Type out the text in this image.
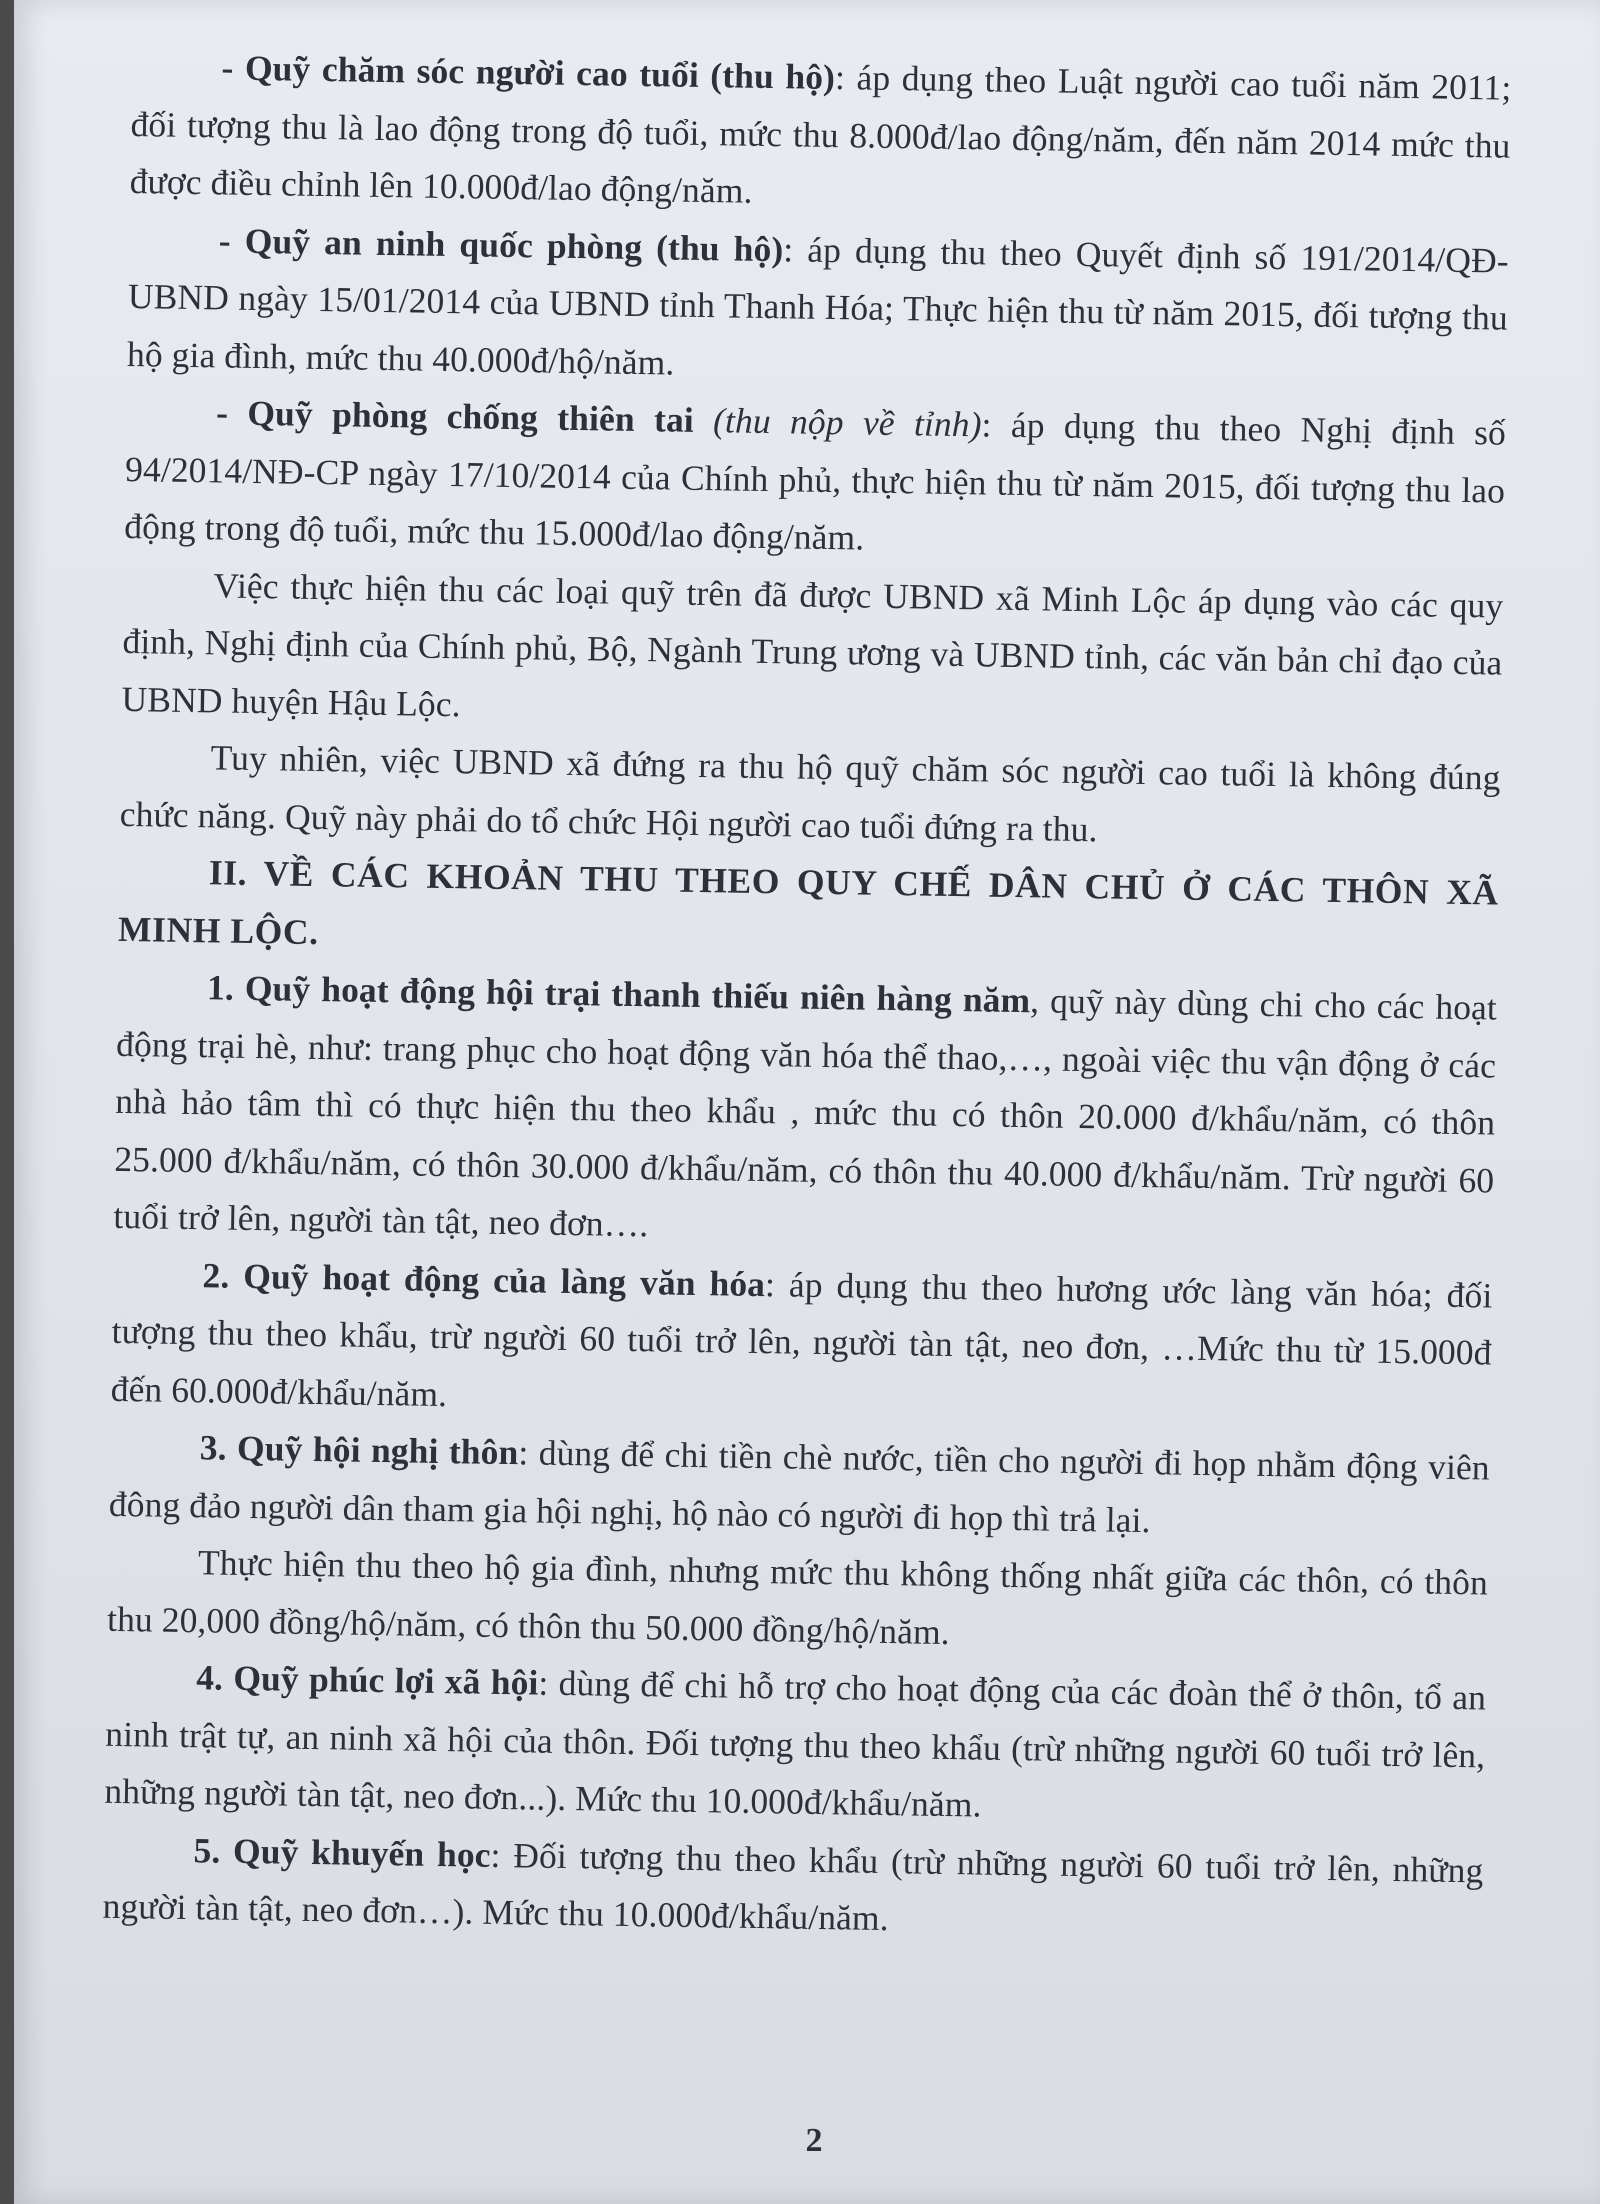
- Quỹ chăm sóc người cao tuổi (thu hộ): áp dụng theo Luật người cao tuổi năm 2011; đối tượng thu là lao động trong độ tuổi, mức thu 8.000đ/lao động/năm, đến năm 2014 mức thu được điều chỉnh lên 10.000đ/lao động/năm.

- Quỹ an ninh quốc phòng (thu hộ): áp dụng thu theo Quyết định số 191/2014/QĐ-UBND ngày 15/01/2014 của UBND tỉnh Thanh Hóa; Thực hiện thu từ năm 2015, đối tượng thu hộ gia đình, mức thu 40.000đ/hộ/năm.

- Quỹ phòng chống thiên tai (thu nộp về tỉnh): áp dụng thu theo Nghị định số 94/2014/NĐ-CP ngày 17/10/2014 của Chính phủ, thực hiện thu từ năm 2015, đối tượng thu lao động trong độ tuổi, mức thu 15.000đ/lao động/năm.

Việc thực hiện thu các loại quỹ trên đã được UBND xã Minh Lộc áp dụng vào các quy định, Nghị định của Chính phủ, Bộ, Ngành Trung ương và UBND tỉnh, các văn bản chỉ đạo của UBND huyện Hậu Lộc.

Tuy nhiên, việc UBND xã đứng ra thu hộ quỹ chăm sóc người cao tuổi là không đúng chức năng. Quỹ này phải do tổ chức Hội người cao tuổi đứng ra thu.

II. VỀ CÁC KHOẢN THU THEO QUY CHẾ DÂN CHỦ Ở CÁC THÔN XÃ MINH LỘC.

1. Quỹ hoạt động hội trại thanh thiếu niên hàng năm, quỹ này dùng chi cho các hoạt động trại hè, như: trang phục cho hoạt động văn hóa thể thao,…, ngoài việc thu vận động ở các nhà hảo tâm thì có thực hiện thu theo khẩu , mức thu có thôn 20.000 đ/khẩu/năm, có thôn 25.000 đ/khẩu/năm, có thôn 30.000 đ/khẩu/năm, có thôn thu 40.000 đ/khẩu/năm. Trừ người 60 tuổi trở lên, người tàn tật, neo đơn….

2. Quỹ hoạt động của làng văn hóa: áp dụng thu theo hương ước làng văn hóa; đối tượng thu theo khẩu, trừ người 60 tuổi trở lên, người tàn tật, neo đơn, …Mức thu từ 15.000đ đến 60.000đ/khẩu/năm.

3. Quỹ hội nghị thôn: dùng để chi tiền chè nước, tiền cho người đi họp nhằm động viên đông đảo người dân tham gia hội nghị, hộ nào có người đi họp thì trả lại.

Thực hiện thu theo hộ gia đình, nhưng mức thu không thống nhất giữa các thôn, có thôn thu 20,000 đồng/hộ/năm, có thôn thu 50.000 đồng/hộ/năm.

4. Quỹ phúc lợi xã hội: dùng để chi hỗ trợ cho hoạt động của các đoàn thể ở thôn, tổ an ninh trật tự, an ninh xã hội của thôn. Đối tượng thu theo khẩu (trừ những người 60 tuổi trở lên, những người tàn tật, neo đơn...). Mức thu 10.000đ/khẩu/năm.

5. Quỹ khuyến học: Đối tượng thu theo khẩu (trừ những người 60 tuổi trở lên, những người tàn tật, neo đơn…). Mức thu 10.000đ/khẩu/năm.

2
